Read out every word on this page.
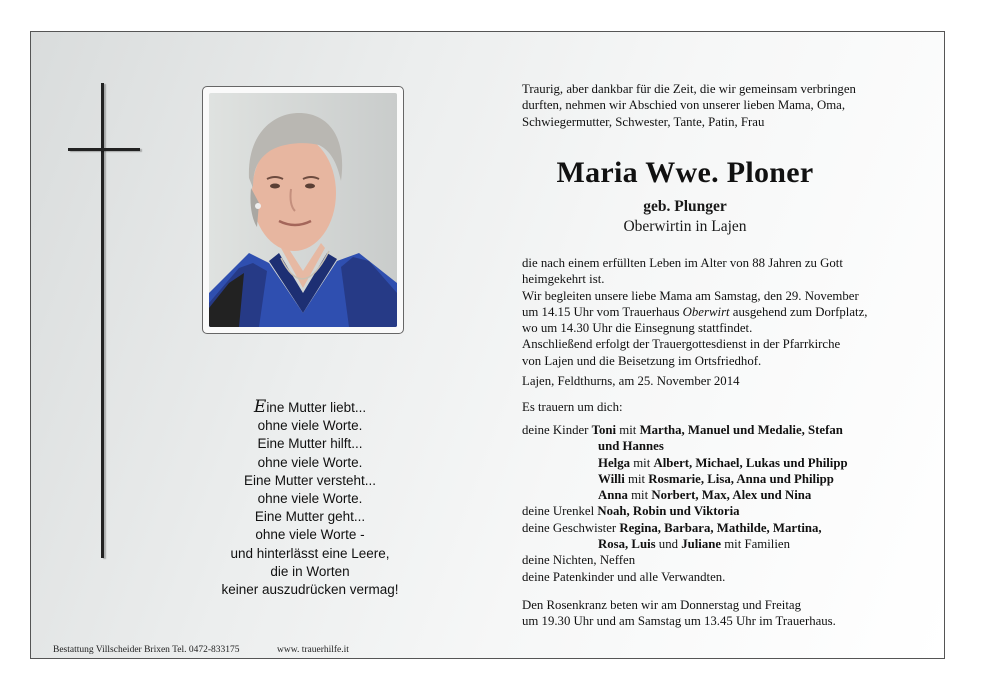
Eine Mutter liebt...
ohne viele Worte.
Eine Mutter hilft...
ohne viele Worte.
Eine Mutter versteht...
ohne viele Worte.
Eine Mutter geht...
ohne viele Worte -
und hinterlässt eine Leere,
die in Worten
keiner auszudrücken vermag!
Bestattung Villscheider Brixen Tel. 0472-833175	www. trauerhilfe.it
Traurig, aber dankbar für die Zeit, die wir gemeinsam verbringen
durften, nehmen wir Abschied von unserer lieben Mama, Oma,
Schwiegermutter, Schwester, Tante, Patin, Frau
Maria Wwe. Ploner
geb. Plunger
Oberwirtin in Lajen
die nach einem erfüllten Leben im Alter von 88 Jahren zu Gott
heimgekehrt ist.
Wir begleiten unsere liebe Mama am Samstag, den 29. November
um 14.15 Uhr vom Trauerhaus Oberwirt ausgehend zum Dorfplatz,
wo um 14.30 Uhr die Einsegnung stattfindet.
Anschließend erfolgt der Trauergottesdienst in der Pfarrkirche
von Lajen und die Beisetzung im Ortsfriedhof.
Lajen, Feldthurns, am 25. November 2014
Es trauern um dich:
deine Kinder Toni mit Martha, Manuel und Medalie, Stefan
und Hannes
Helga mit Albert, Michael, Lukas und Philipp
Willi mit Rosmarie, Lisa, Anna und Philipp
Anna mit Norbert, Max, Alex und Nina
deine Urenkel Noah, Robin und Viktoria
deine Geschwister Regina, Barbara, Mathilde, Martina,
Rosa, Luis und Juliane mit Familien
deine Nichten, Neffen
deine Patenkinder und alle Verwandten.
Den Rosenkranz beten wir am Donnerstag und Freitag
um 19.30 Uhr und am Samstag um 13.45 Uhr im Trauerhaus.
